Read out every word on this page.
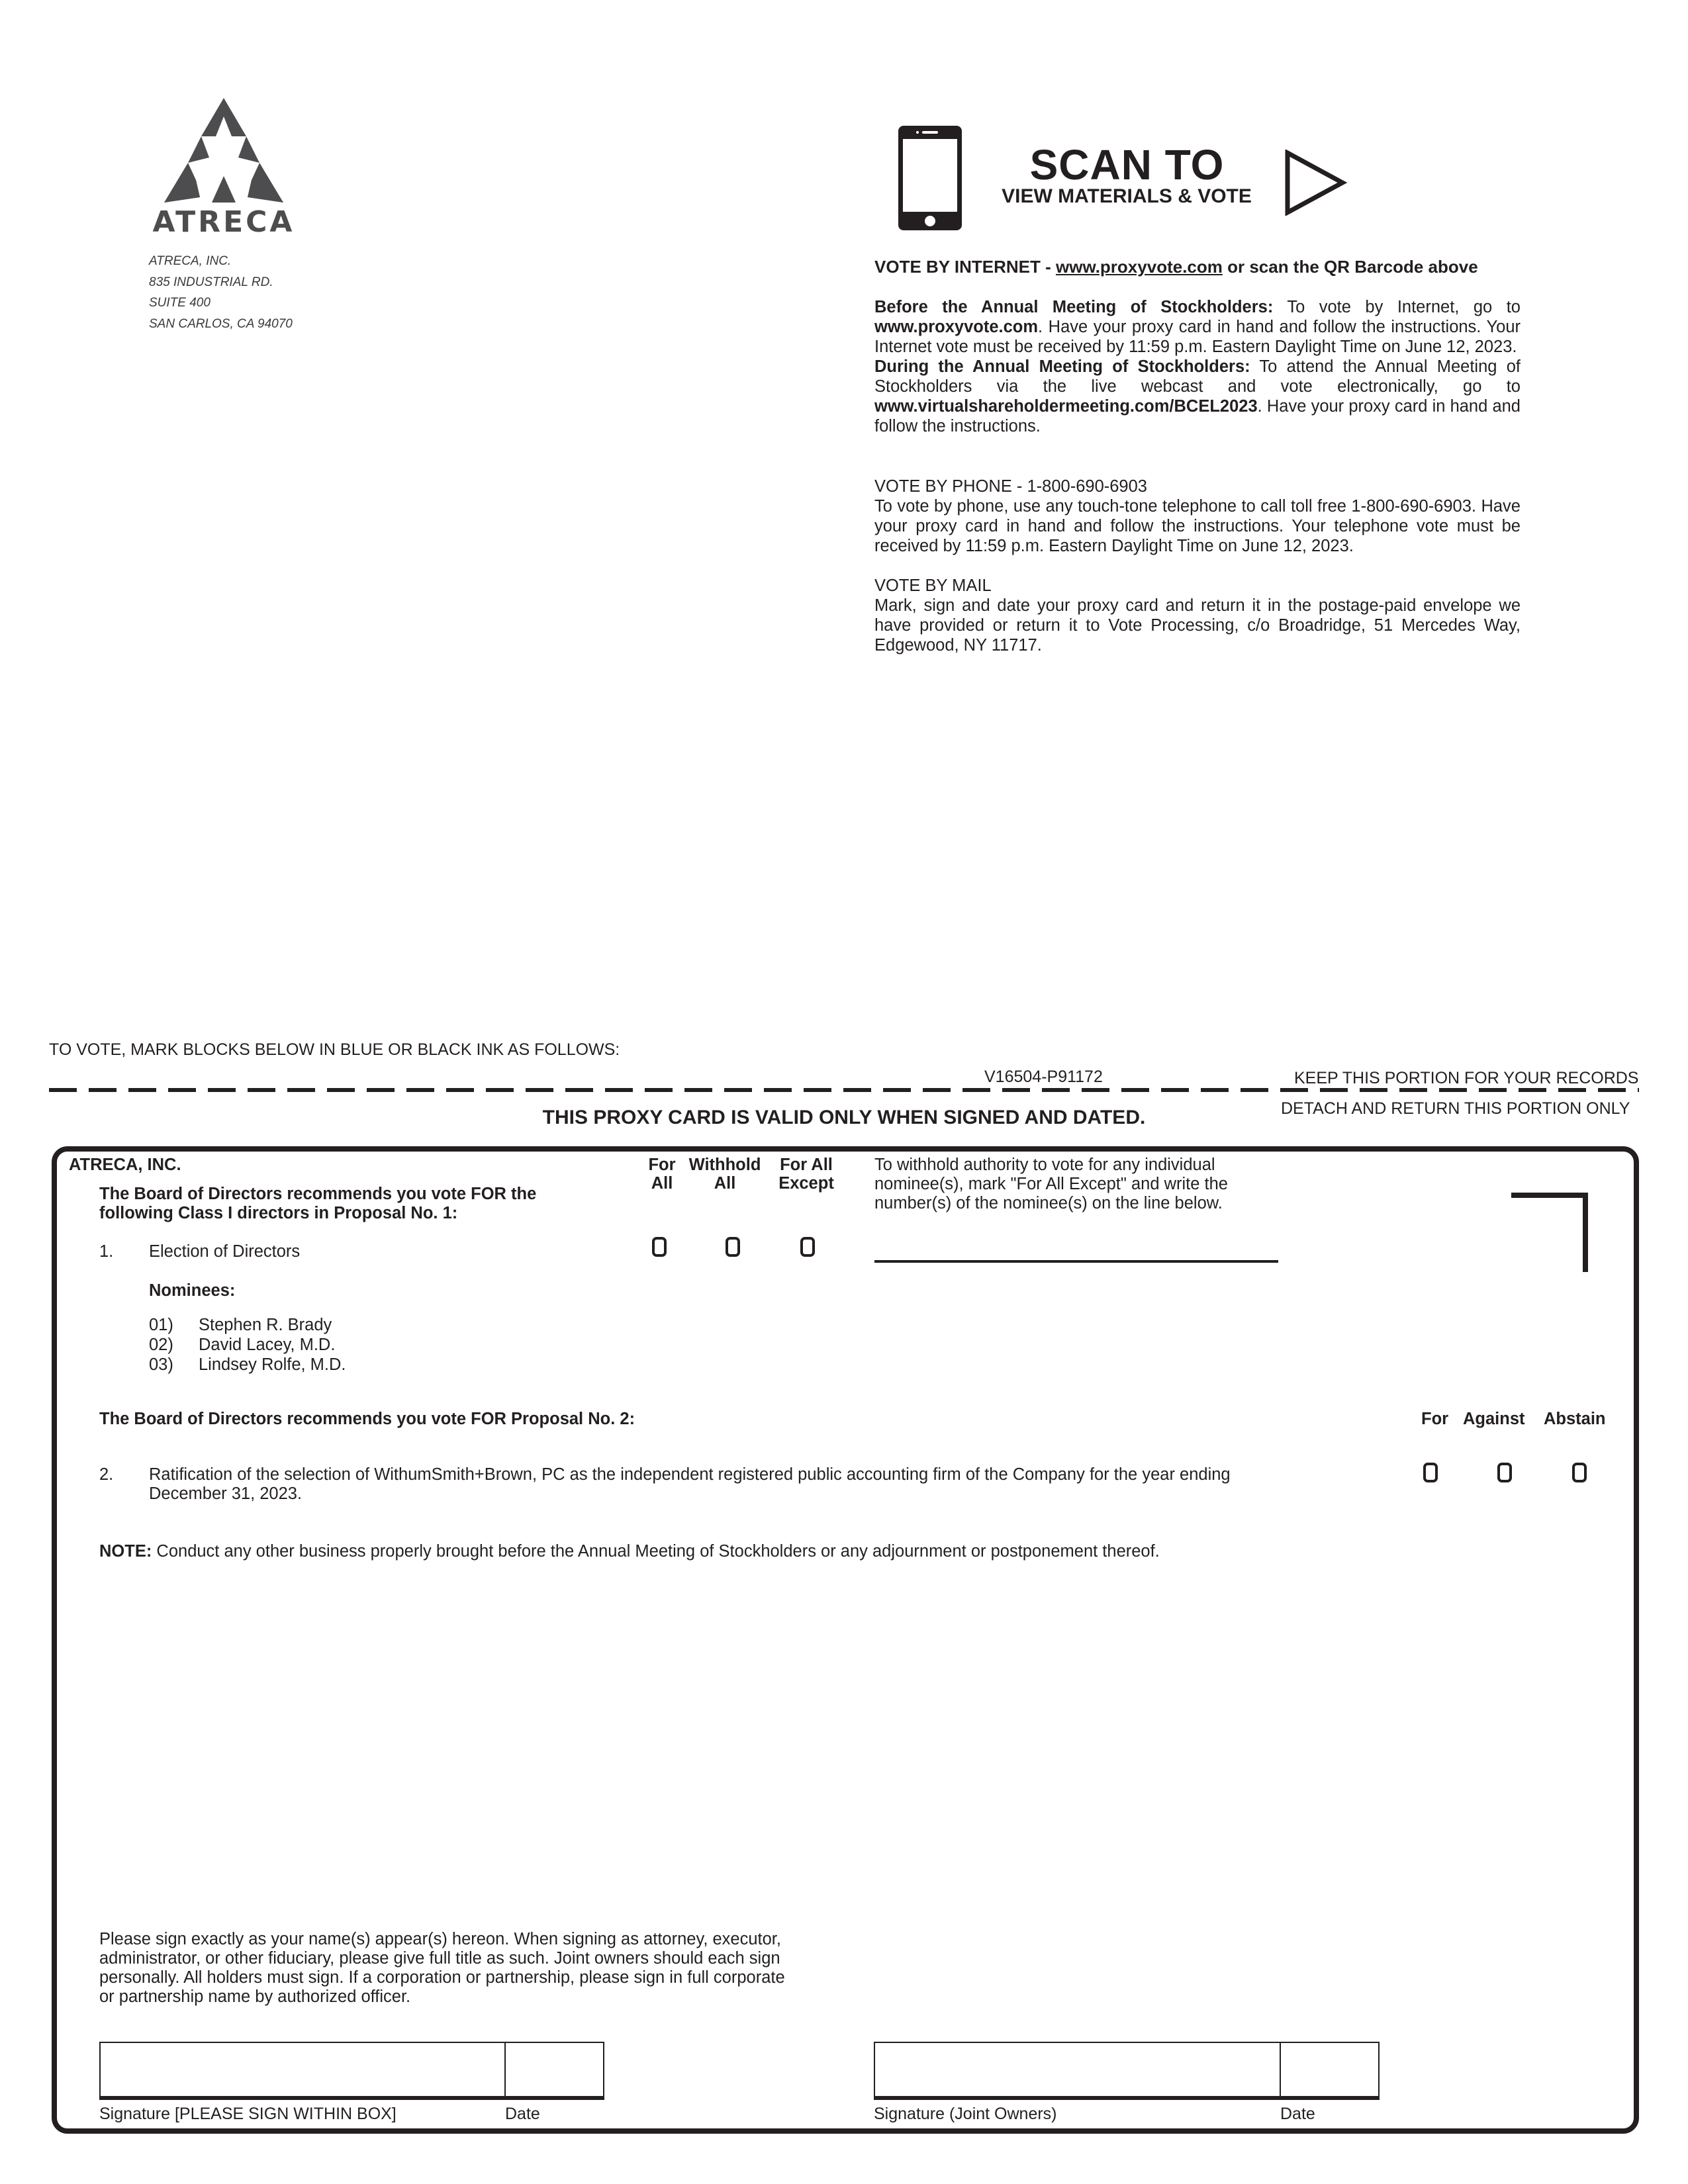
ATRECA
ATRECA, INC.
835 INDUSTRIAL RD.
SUITE 400
SAN CARLOS, CA 94070
SCAN TO
VIEW MATERIALS & VOTE
VOTE BY INTERNET - www.proxyvote.com or scan the QR Barcode above
Before the Annual Meeting of Stockholders: To vote by Internet, go to www.proxyvote.com. Have your proxy card in hand and follow the instructions. Your Internet vote must be received by 11:59 p.m. Eastern Daylight Time on June 12, 2023.
During the Annual Meeting of Stockholders: To attend the Annual Meeting of Stockholders via the live webcast and vote electronically, go to www.virtualshareholdermeeting.com/BCEL2023. Have your proxy card in hand and follow the instructions.
VOTE BY PHONE - 1-800-690-6903
To vote by phone, use any touch-tone telephone to call toll free 1-800-690-6903. Have your proxy card in hand and follow the instructions. Your telephone vote must be received by 11:59 p.m. Eastern Daylight Time on June 12, 2023.
VOTE BY MAIL
Mark, sign and date your proxy card and return it in the postage-paid envelope we have provided or return it to Vote Processing, c/o Broadridge, 51 Mercedes Way, Edgewood, NY 11717.
TO VOTE, MARK BLOCKS BELOW IN BLUE OR BLACK INK AS FOLLOWS:
V16504-P91172	KEEP THIS PORTION FOR YOUR RECORDS
DETACH AND RETURN THIS PORTION ONLY
THIS PROXY CARD IS VALID ONLY WHEN SIGNED AND DATED.
ATRECA, INC.
The Board of Directors recommends you vote FOR the
following Class I directors in Proposal No. 1:
1. Election of Directors
Nominees:
01) Stephen R. Brady
02) David Lacey, M.D.
03) Lindsey Rolfe, M.D.
For
All
Withhold
All
For All
Except
To withhold authority to vote for any individual
nominee(s), mark "For All Except" and write the
number(s) of the nominee(s) on the line below.
The Board of Directors recommends you vote FOR Proposal No. 2:	For Against Abstain
2. Ratification of the selection of WithumSmith+Brown, PC as the independent registered public accounting firm of the Company for the year ending
December 31, 2023.
NOTE: Conduct any other business properly brought before the Annual Meeting of Stockholders or any adjournment or postponement thereof.
Please sign exactly as your name(s) appear(s) hereon. When signing as attorney, executor,
administrator, or other fiduciary, please give full title as such. Joint owners should each sign
personally. All holders must sign. If a corporation or partnership, please sign in full corporate
or partnership name by authorized officer.
Signature [PLEASE SIGN WITHIN BOX]	Date	Signature (Joint Owners)	Date
